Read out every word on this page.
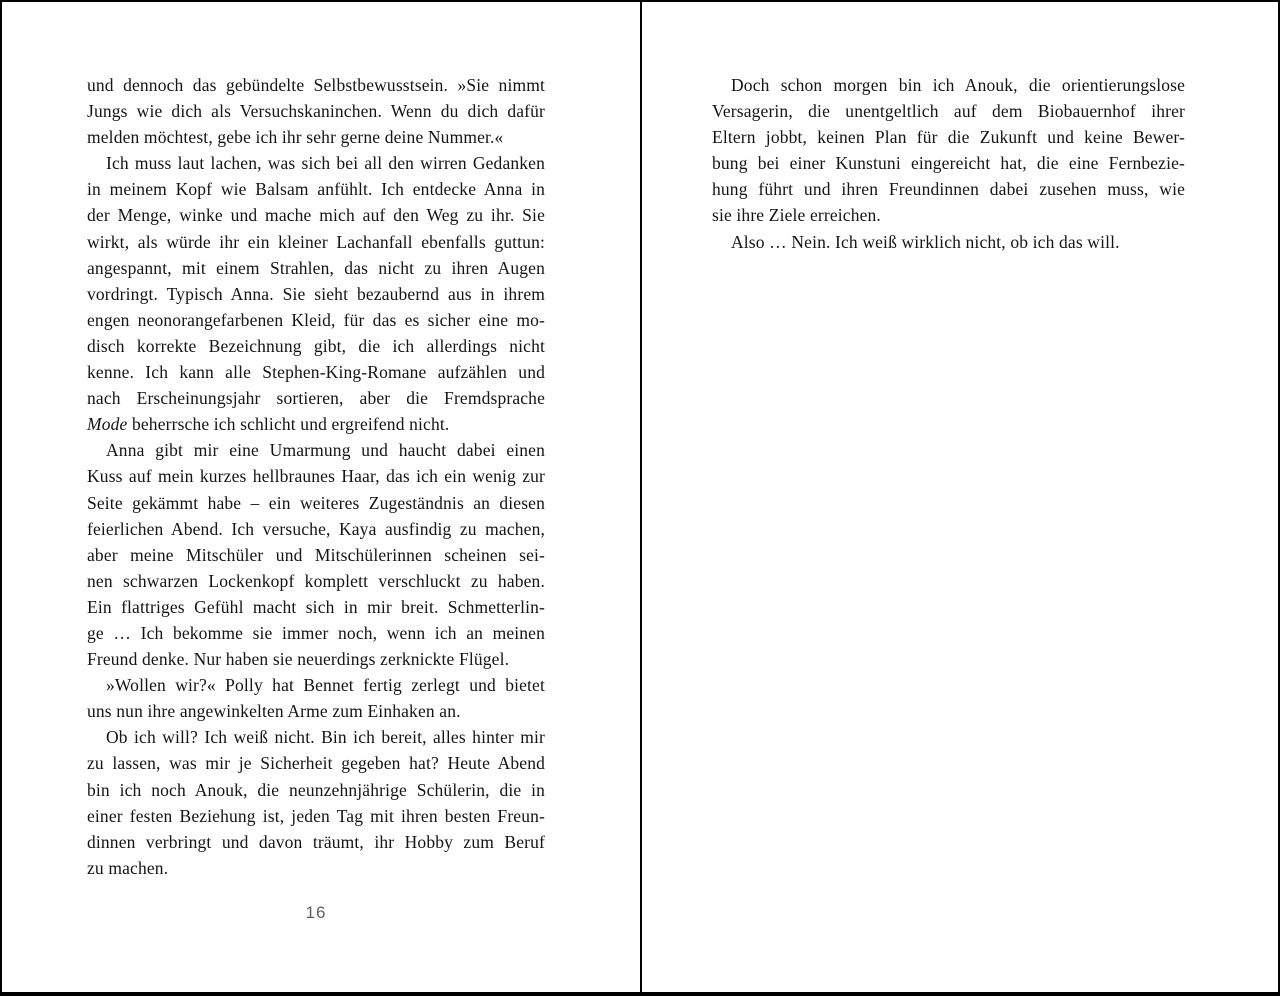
und dennoch das gebündelte Selbstbewusstsein. »Sie nimmt
Jungs wie dich als Versuchskaninchen. Wenn du dich dafür
melden möchtest, gebe ich ihr sehr gerne deine Nummer.«
Ich muss laut lachen, was sich bei all den wirren Gedanken
in meinem Kopf wie Balsam anfühlt. Ich entdecke Anna in
der Menge, winke und mache mich auf den Weg zu ihr. Sie
wirkt, als würde ihr ein kleiner Lachanfall ebenfalls guttun:
angespannt, mit einem Strahlen, das nicht zu ihren Augen
vordringt. Typisch Anna. Sie sieht bezaubernd aus in ihrem
engen neonorangefarbenen Kleid, für das es sicher eine mo-
disch korrekte Bezeichnung gibt, die ich allerdings nicht
kenne. Ich kann alle Stephen-King-Romane aufzählen und
nach Erscheinungsjahr sortieren, aber die Fremdsprache
Mode beherrsche ich schlicht und ergreifend nicht.
Anna gibt mir eine Umarmung und haucht dabei einen
Kuss auf mein kurzes hellbraunes Haar, das ich ein wenig zur
Seite gekämmt habe – ein weiteres Zugeständnis an diesen
feierlichen Abend. Ich versuche, Kaya ausfindig zu machen,
aber meine Mitschüler und Mitschülerinnen scheinen sei-
nen schwarzen Lockenkopf komplett verschluckt zu haben.
Ein flattriges Gefühl macht sich in mir breit. Schmetterlin-
ge … Ich bekomme sie immer noch, wenn ich an meinen
Freund denke. Nur haben sie neuerdings zerknickte Flügel.
»Wollen wir?« Polly hat Bennet fertig zerlegt und bietet
uns nun ihre angewinkelten Arme zum Einhaken an.
Ob ich will? Ich weiß nicht. Bin ich bereit, alles hinter mir
zu lassen, was mir je Sicherheit gegeben hat? Heute Abend
bin ich noch Anouk, die neunzehnjährige Schülerin, die in
einer festen Beziehung ist, jeden Tag mit ihren besten Freun-
dinnen verbringt und davon träumt, ihr Hobby zum Beruf
zu machen.
16
Doch schon morgen bin ich Anouk, die orientierungslose
Versagerin, die unentgeltlich auf dem Biobauernhof ihrer
Eltern jobbt, keinen Plan für die Zukunft und keine Bewer-
bung bei einer Kunstuni eingereicht hat, die eine Fernbezie-
hung führt und ihren Freundinnen dabei zusehen muss, wie
sie ihre Ziele erreichen.
Also … Nein. Ich weiß wirklich nicht, ob ich das will.
